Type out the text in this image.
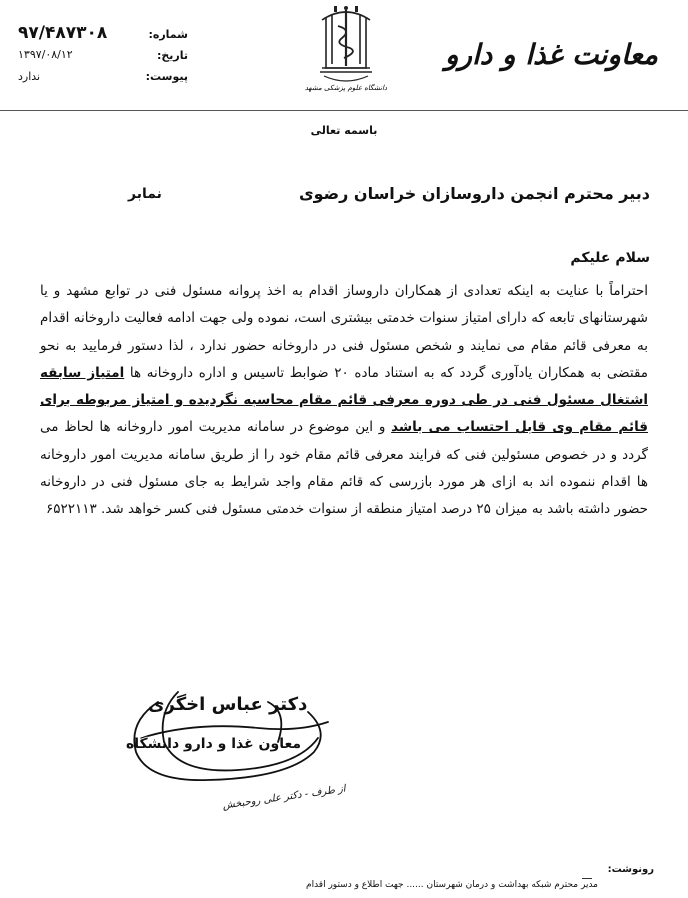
معاونت غذا و دارو
دانشگاه علوم پزشکی مشهد
شماره:
تاریخ:
پیوست:
۹۷/۴۸۷۳۰۸
۱۳۹۷/۰۸/۱۲
ندارد
باسمه تعالی
دبیر محترم انجمن داروسازان خراسان رضوی
نمابر
سلام علیکم
احتراماً با عنایت به اینکه تعدادی از همکاران داروساز اقدام به اخذ پروانه مسئول فنی در توابع مشهد و یا شهرستانهای تابعه که دارای امتیاز سنوات خدمتی بیشتری است، نموده ولی جهت ادامه فعالیت داروخانه اقدام به معرفی قائم مقام می نمایند و شخص مسئول فنی در داروخانه حضور ندارد ، لذا دستور فرمایید به نحو مقتضی به همکاران یادآوری گردد که به استناد ماده ۲۰ ضوابط تاسیس و اداره داروخانه ها امتیاز سابقه اشتغال مسئول فنی در طی دوره معرفی قائم مقام محاسبه نگردیده و امتیاز مربوطه برای قائم مقام وی قابل احتساب می باشد و این موضوع در سامانه مدیریت امور داروخانه ها لحاظ می گردد و در خصوص مسئولین فنی که فرایند معرفی قائم مقام خود را از طریق سامانه مدیریت امور داروخانه ها اقدام ننموده اند به ازای هر مورد بازرسی که قائم مقام واجد شرایط به جای مسئول فنی در داروخانه حضور داشته باشد به میزان ۲۵ درصد امتیاز منطقه از سنوات خدمتی مسئول فنی کسر خواهد شد. ۶۵۲۲۱۱۳
دکتر عباس اخگری
معاون غذا و دارو دانشگاه
از طرف - دکتر علی روحبخش
رونوشت:
مدیر محترم شبکه بهداشت و درمان شهرستان ...... جهت اطلاع و دستور اقدام
